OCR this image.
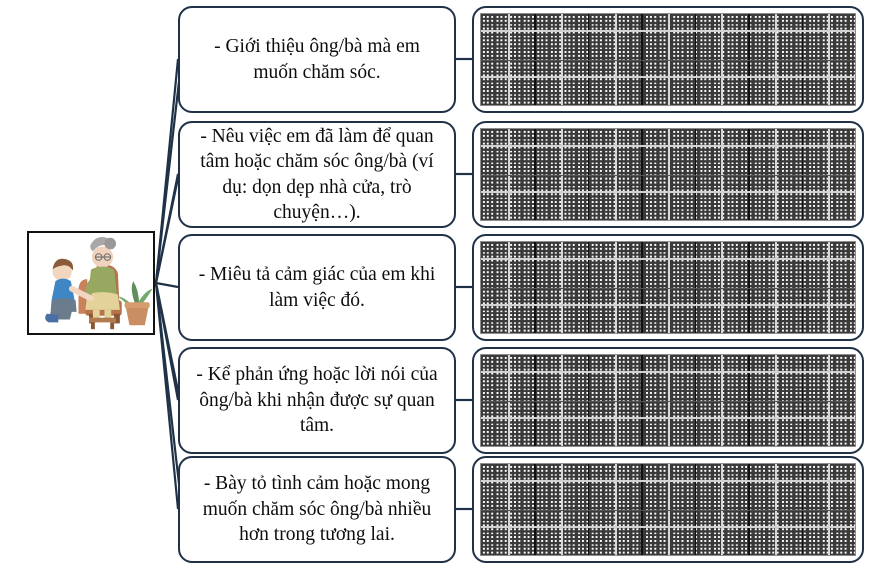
- Giới thiệu ông/bà mà em muốn chăm sóc.

- Nêu việc em đã làm để quan tâm hoặc chăm sóc ông/bà (ví dụ: dọn dẹp nhà cửa, trò chuyện…).

- Miêu tả cảm giác của em khi làm việc đó.

- Kể phản ứng hoặc lời nói của ông/bà khi nhận được sự quan tâm.

- Bày tỏ tình cảm hoặc mong muốn chăm sóc ông/bà nhiều hơn trong tương lai.
